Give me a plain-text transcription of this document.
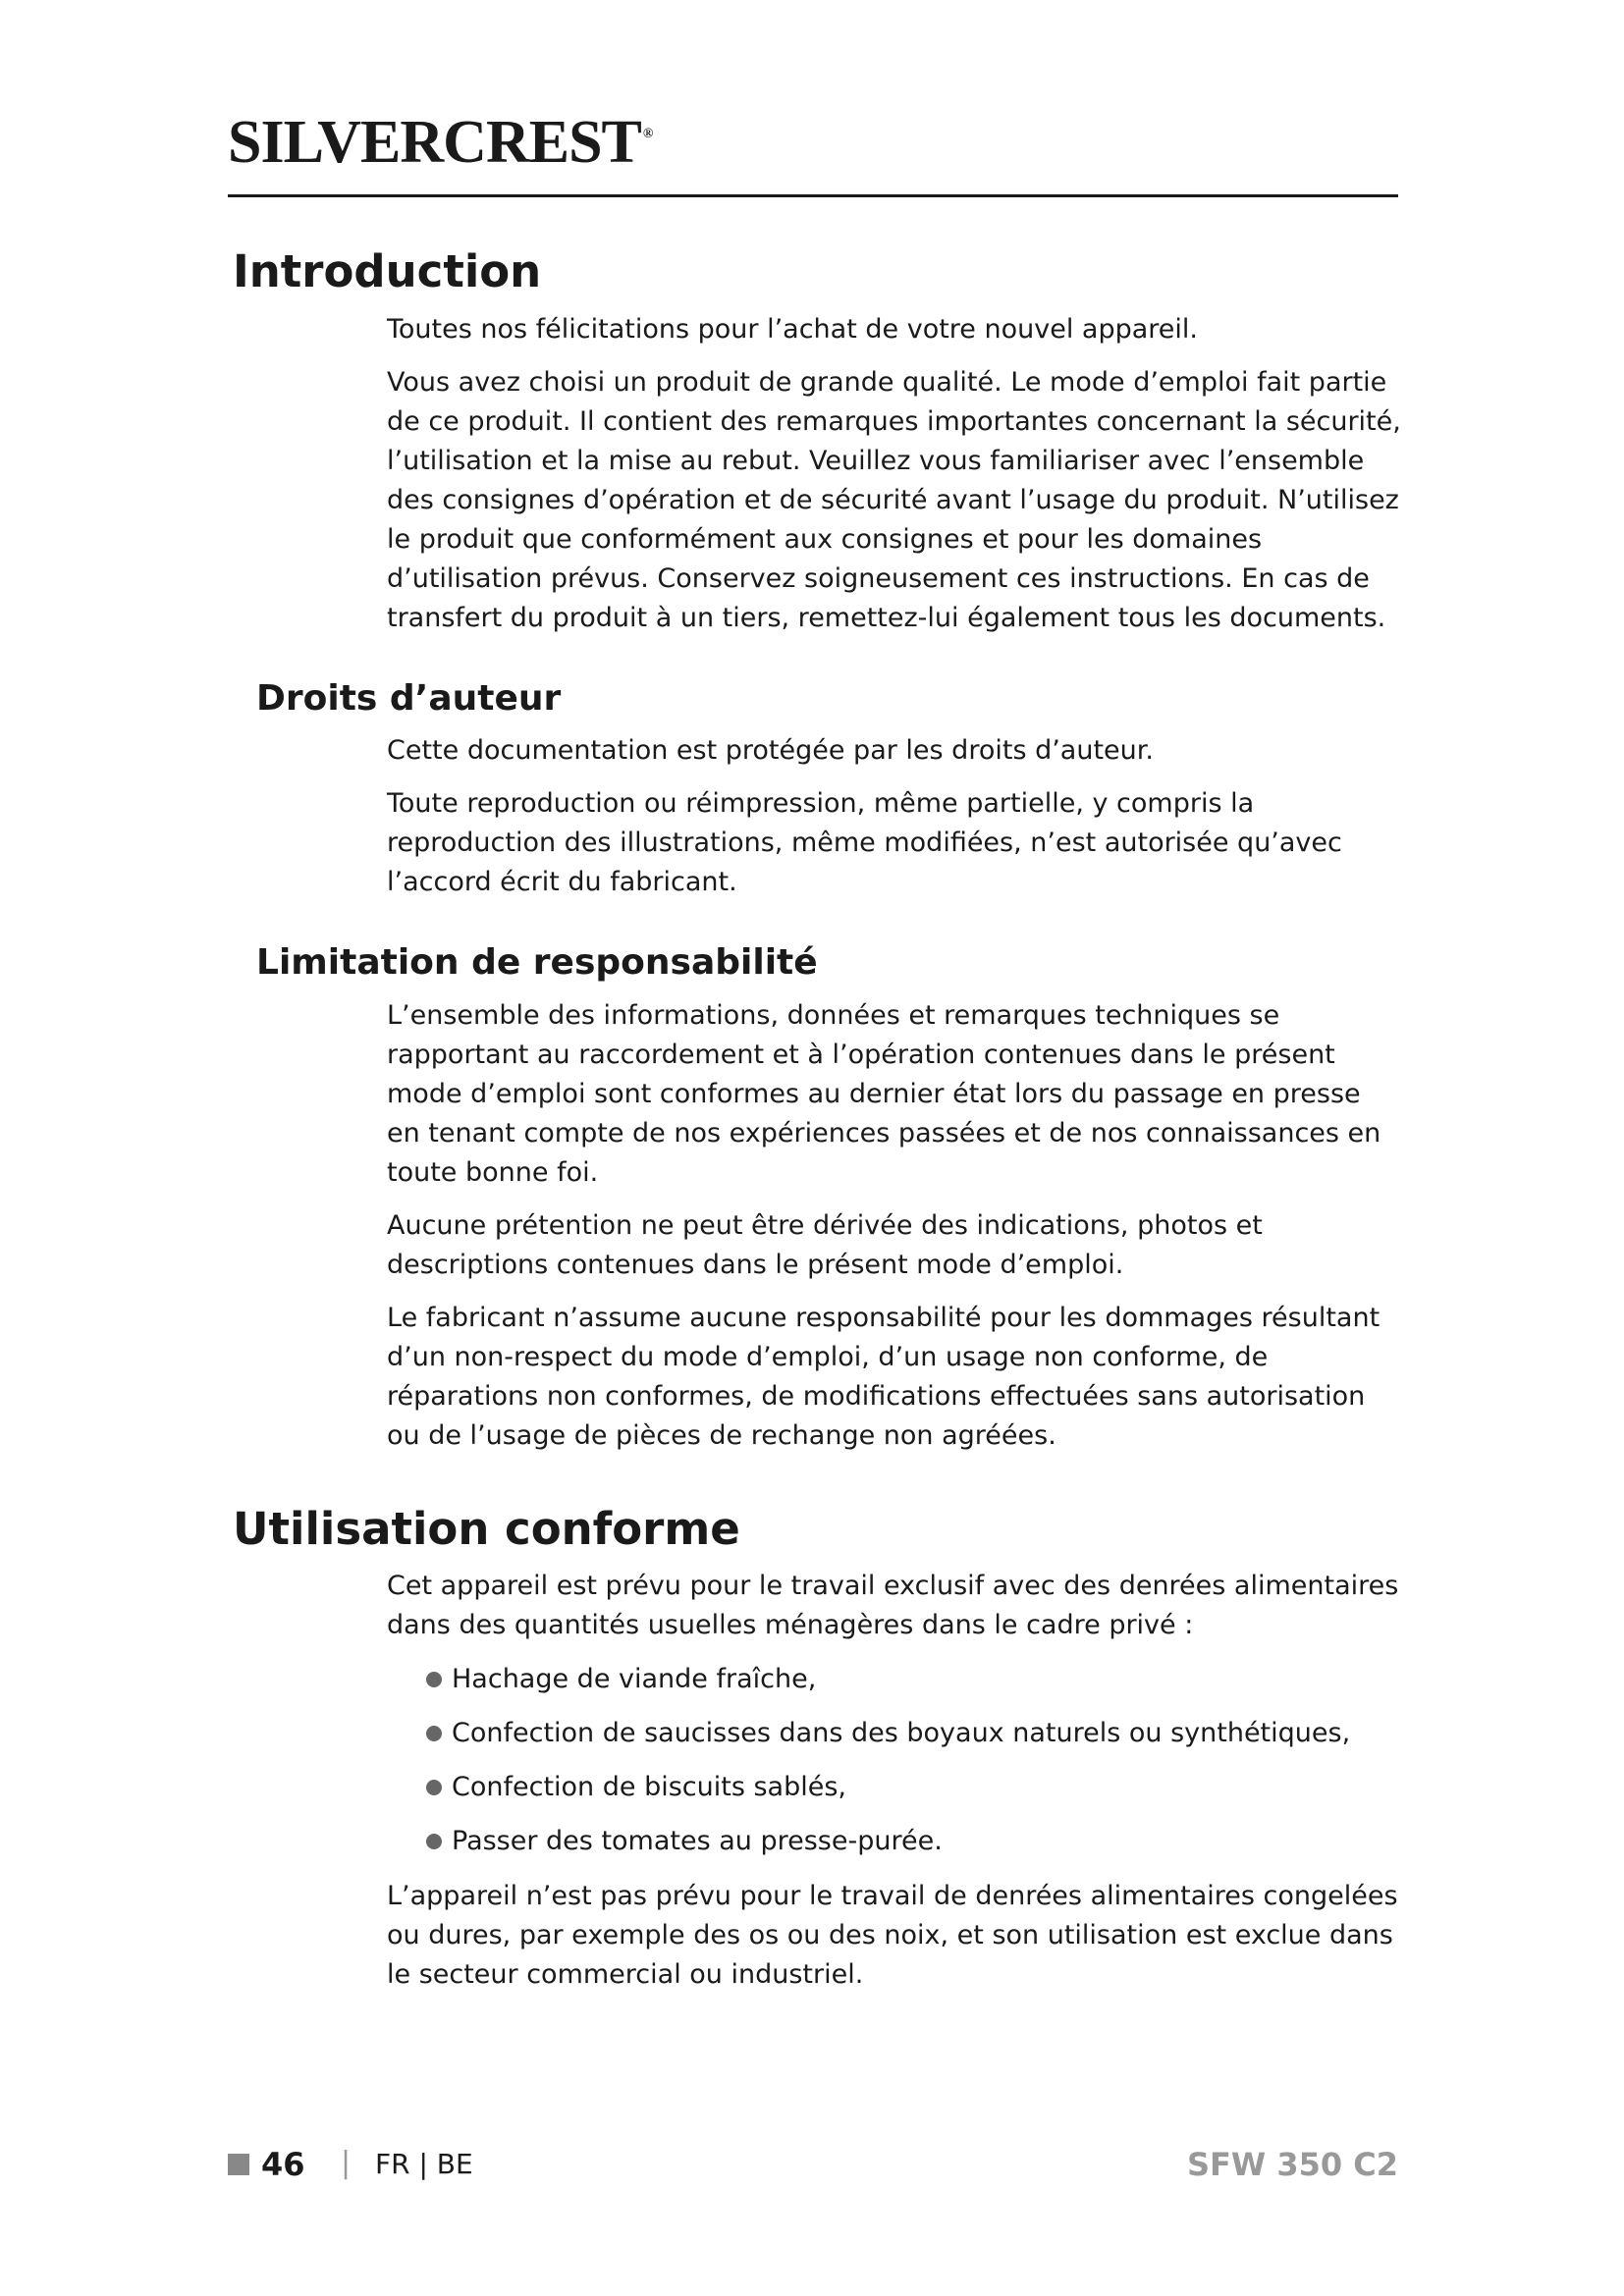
SILVERCREST ®
Introduction

Toutes nos félicitations pour l’achat de votre nouvel appareil.

Vous avez choisi un produit de grande qualité. Le mode d’emploi fait partie de ce produit. Il contient des remarques importantes concernant la sécurité, l’utilisation et la mise au rebut. Veuillez vous familiariser avec l’ensemble des consignes d’opération et de sécurité avant l’usage du produit. N’utilisez le produit que conformément aux consignes et pour les domaines d’utilisation prévus. Conservez soigneusement ces instructions. En cas de transfert du produit à un tiers, remettez-lui également tous les documents.

Droits d’auteur

Cette documentation est protégée par les droits d’auteur.

Toute reproduction ou réimpression, même partielle, y compris la reproduction des illustrations, même modifiées, n’est autorisée qu’avec l’accord écrit du fabricant.

Limitation de responsabilité

L’ensemble des informations, données et remarques techniques se rapportant au raccordement et à l’opération contenues dans le présent mode d’emploi sont conformes au dernier état lors du passage en presse en tenant compte de nos expériences passées et de nos connaissances en toute bonne foi.

Aucune prétention ne peut être dérivée des indications, photos et descriptions contenues dans le présent mode d’emploi.

Le fabricant n’assume aucune responsabilité pour les dommages résultant d’un non-respect du mode d’emploi, d’un usage non conforme, de réparations non conformes, de modifications effectuées sans autorisation ou de l’usage de pièces de rechange non agréées.

Utilisation conforme

Cet appareil est prévu pour le travail exclusif avec des denrées alimentaires dans des quantités usuelles ménagères dans le cadre privé :

Hachage de viande fraîche,
Confection de saucisses dans des boyaux naturels ou synthétiques,
Confection de biscuits sablés,
Passer des tomates au presse-purée.

L’appareil n’est pas prévu pour le travail de denrées alimentaires congelées ou dures, par exemple des os ou des noix, et son utilisation est exclue dans le secteur commercial ou industriel.

46 | FR | BE	SFW 350 C2
